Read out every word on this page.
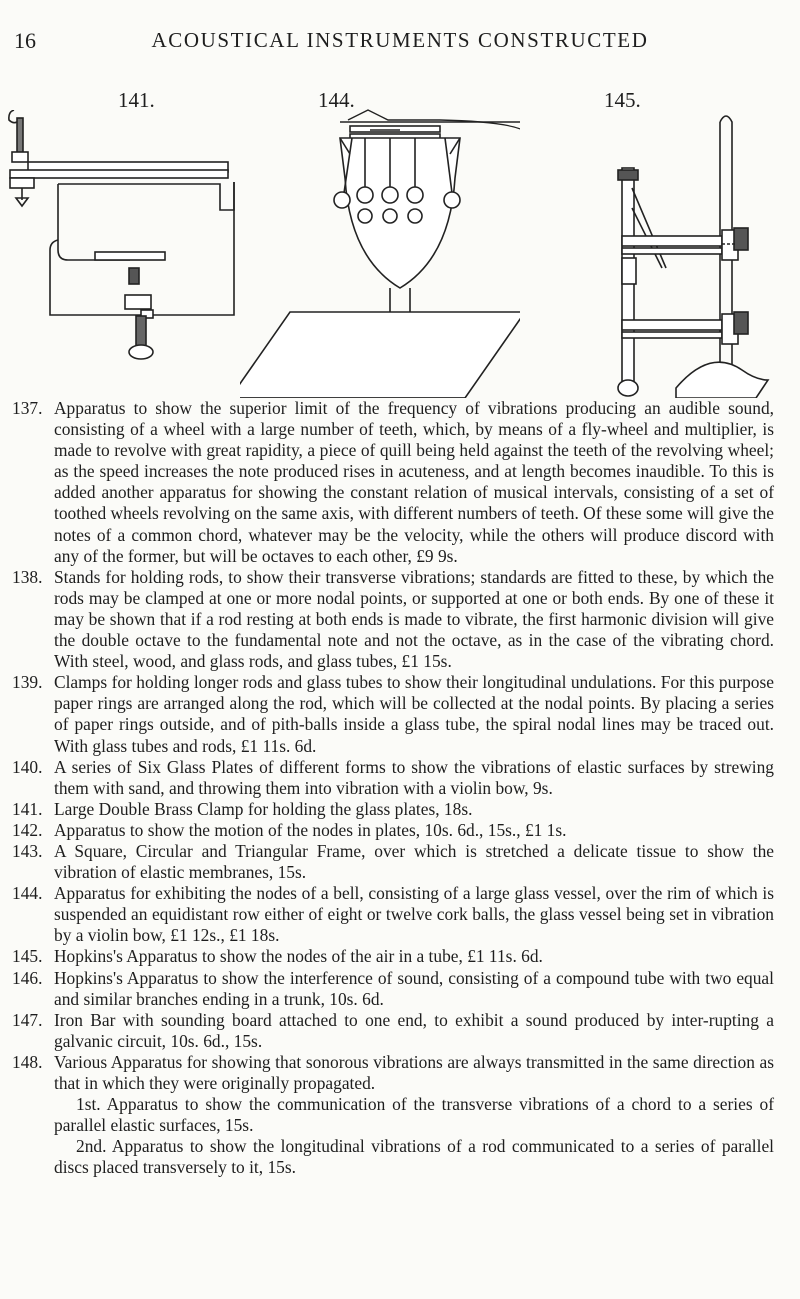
16	ACOUSTICAL INSTRUMENTS CONSTRUCTED
141.	144.	145.
137. Apparatus to show the superior limit of the frequency of vibrations producing an audible sound, consisting of a wheel with a large number of teeth, which, by means of a fly-wheel and multiplier, is made to revolve with great rapidity, a piece of quill being held against the teeth of the revolving wheel; as the speed increases the note produced rises in acuteness, and at length becomes inaudible. To this is added another apparatus for showing the constant relation of musical intervals, consisting of a set of toothed wheels revolving on the same axis, with different numbers of teeth. Of these some will give the notes of a common chord, whatever may be the velocity, while the others will produce discord with any of the former, but will be octaves to each other, £9 9s.
138. Stands for holding rods, to show their transverse vibrations; standards are fitted to these, by which the rods may be clamped at one or more nodal points, or supported at one or both ends. By one of these it may be shown that if a rod resting at both ends is made to vibrate, the first harmonic division will give the double octave to the fundamental note and not the octave, as in the case of the vibrating chord. With steel, wood, and glass rods, and glass tubes, £1 15s.
139. Clamps for holding longer rods and glass tubes to show their longitudinal undulations. For this purpose paper rings are arranged along the rod, which will be collected at the nodal points. By placing a series of paper rings outside, and of pith-balls inside a glass tube, the spiral nodal lines may be traced out. With glass tubes and rods, £1 11s. 6d.
140. A series of Six Glass Plates of different forms to show the vibrations of elastic surfaces by strewing them with sand, and throwing them into vibration with a violin bow, 9s.
141. Large Double Brass Clamp for holding the glass plates, 18s.
142. Apparatus to show the motion of the nodes in plates, 10s. 6d., 15s., £1 1s.
143. A Square, Circular and Triangular Frame, over which is stretched a delicate tissue to show the vibration of elastic membranes, 15s.
144. Apparatus for exhibiting the nodes of a bell, consisting of a large glass vessel, over the rim of which is suspended an equidistant row either of eight or twelve cork balls, the glass vessel being set in vibration by a violin bow, £1 12s., £1 18s.
145. Hopkins's Apparatus to show the nodes of the air in a tube, £1 11s. 6d.
146. Hopkins's Apparatus to show the interference of sound, consisting of a compound tube with two equal and similar branches ending in a trunk, 10s. 6d.
147. Iron Bar with sounding board attached to one end, to exhibit a sound produced by inter-rupting a galvanic circuit, 10s. 6d., 15s.
148. Various Apparatus for showing that sonorous vibrations are always transmitted in the same direction as that in which they were originally propagated.
1st. Apparatus to show the communication of the transverse vibrations of a chord to a series of parallel elastic surfaces, 15s.
2nd. Apparatus to show the longitudinal vibrations of a rod communicated to a series of parallel discs placed transversely to it, 15s.
